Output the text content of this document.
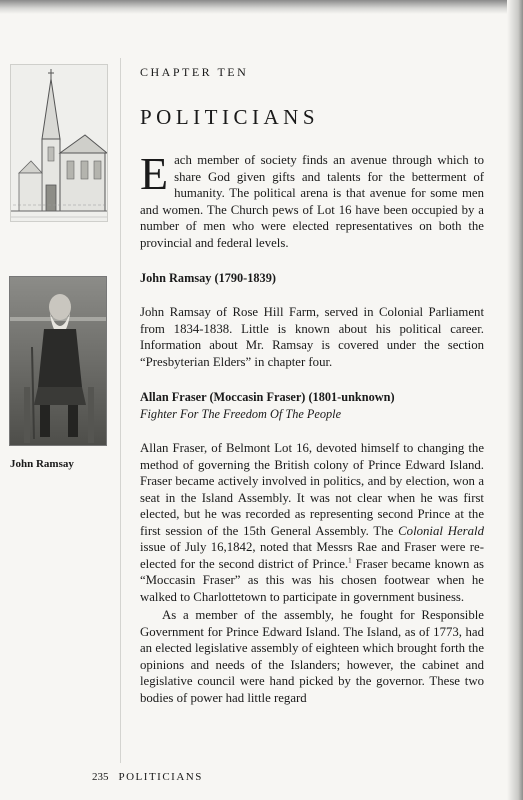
John Ramsay

CHAPTER TEN

POLITICIANS

Each member of society finds an avenue through which to share God given gifts and talents for the betterment of humanity. The political arena is that avenue for some men and women. The Church pews of Lot 16 have been occupied by a number of men who were elected representatives on both the provincial and federal levels.

John Ramsay (1790-1839)

John Ramsay of Rose Hill Farm, served in Colonial Parliament from 1834-1838. Little is known about his political career. Information about Mr. Ramsay is covered under the section “Presbyterian Elders” in chapter four.

Allan Fraser (Moccasin Fraser) (1801-unknown)

Fighter For The Freedom Of The People

Allan Fraser, of Belmont Lot 16, devoted himself to changing the method of governing the British colony of Prince Edward Island. Fraser became actively involved in politics, and by election, won a seat in the Island Assembly. It was not clear when he was first elected, but he was recorded as representing second Prince at the first session of the 15th General Assembly. The Colonial Herald issue of July 16,1842, noted that Messrs Rae and Fraser were re-elected for the second district of Prince.$^1$ Fraser became known as “Moccasin Fraser” as this was his chosen footwear when he walked to Charlottetown to participate in government business.

As a member of the assembly, he fought for Responsible Government for Prince Edward Island. The Island, as of 1773, had an elected legislative assembly of eighteen which brought forth the opinions and needs of the Islanders; however, the cabinet and legislative council were hand picked by the governor. These two bodies of power had little regard

235 POLITICIANS
